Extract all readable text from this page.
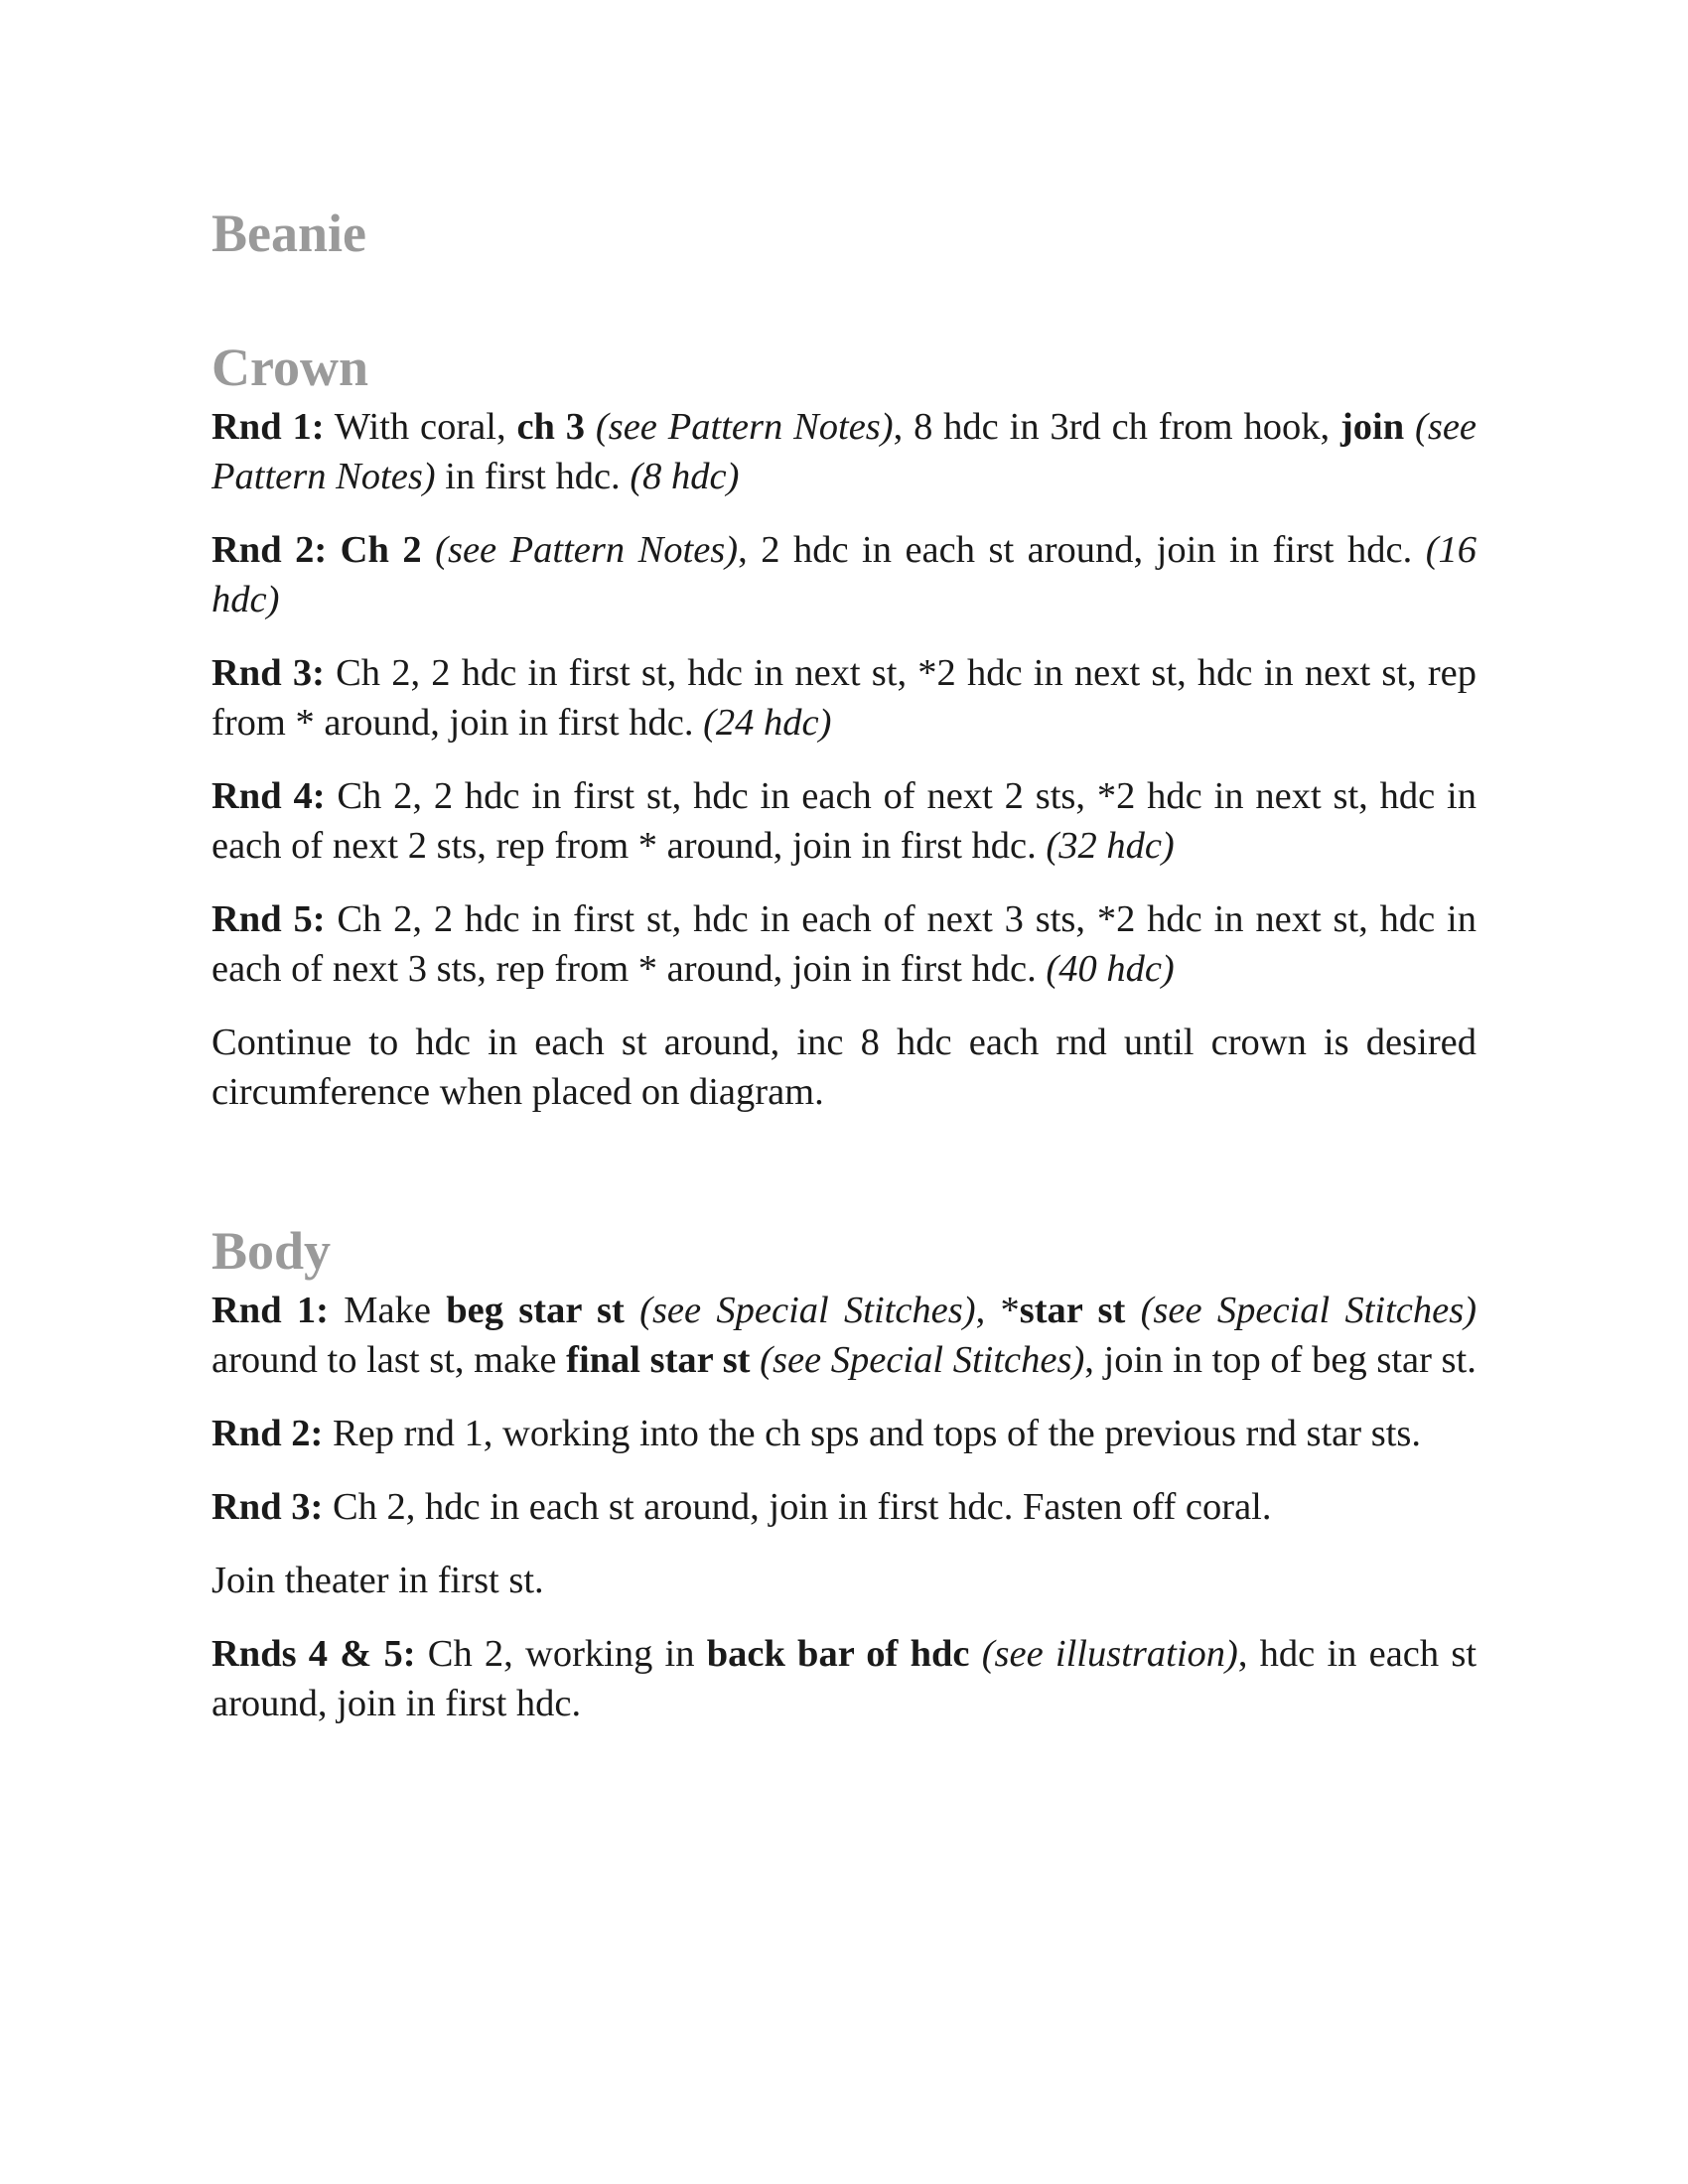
Beanie
Crown

Rnd 1: With coral, ch 3 (see Pattern Notes), 8 hdc in 3rd ch from hook, join (see Pattern Notes) in first hdc. (8 hdc)

Rnd 2: Ch 2 (see Pattern Notes), 2 hdc in each st around, join in first hdc. (16 hdc)

Rnd 3: Ch 2, 2 hdc in first st, hdc in next st, *2 hdc in next st, hdc in next st, rep from * around, join in first hdc. (24 hdc)

Rnd 4: Ch 2, 2 hdc in first st, hdc in each of next 2 sts, *2 hdc in next st, hdc in each of next 2 sts, rep from * around, join in first hdc. (32 hdc)

Rnd 5: Ch 2, 2 hdc in first st, hdc in each of next 3 sts, *2 hdc in next st, hdc in each of next 3 sts, rep from * around, join in first hdc. (40 hdc)

Continue to hdc in each st around, inc 8 hdc each rnd until crown is desired circumference when placed on diagram.

Body

Rnd 1: Make beg star st (see Special Stitches), *star st (see Special Stitches) around to last st, make final star st (see Special Stitches), join in top of beg star st.

Rnd 2: Rep rnd 1, working into the ch sps and tops of the previous rnd star sts.

Rnd 3: Ch 2, hdc in each st around, join in first hdc. Fasten off coral.

Join theater in first st.

Rnds 4 & 5: Ch 2, working in back bar of hdc (see illustration), hdc in each st around, join in first hdc.
